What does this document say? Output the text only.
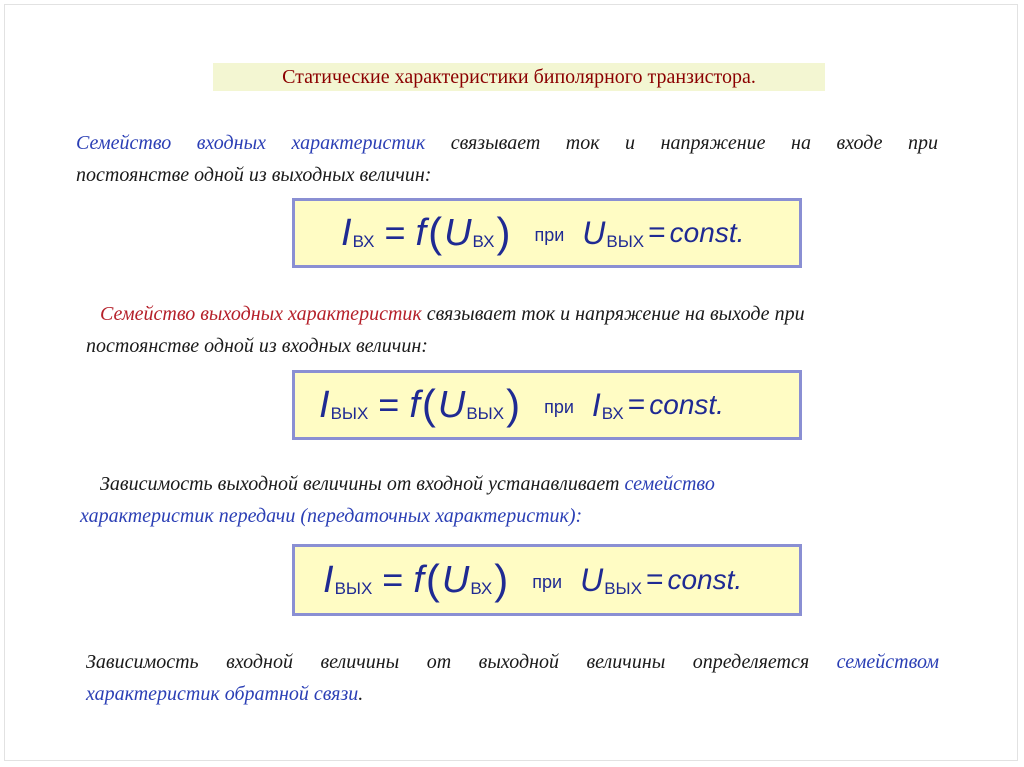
Статические характеристики биполярного транзистора.
Семейство входных характеристик связывает ток и напряжение на входе при
постоянстве одной из выходных величин:
I ВХ = f ( U ВХ ) при U ВЫХ = const.
Семейство выходных характеристик связывает ток и напряжение на выходе при
постоянстве одной из входных величин:
I ВЫХ = f ( U ВЫХ ) при I ВХ = const.
Зависимость выходной величины от входной устанавливает семейство
характеристик передачи (передаточных характеристик):
I ВЫХ = f ( U ВХ ) при U ВЫХ = const.
Зависимость входной величины от выходной величины определяется семейством
характеристик обратной связи.
